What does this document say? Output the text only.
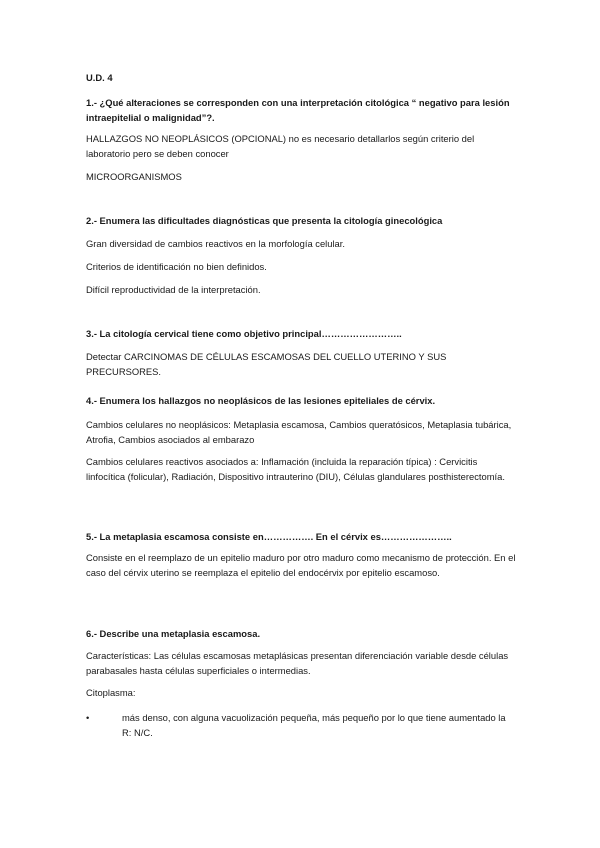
U.D. 4
1.- ¿Qué alteraciones se corresponden con una interpretación citológica “ negativo para lesión intraepitelial o malignidad”?.
HALLAZGOS NO NEOPLÁSICOS (OPCIONAL) no es necesario detallarlos según criterio del laboratorio pero se deben conocer
MICROORGANISMOS
2.- Enumera las dificultades diagnósticas que presenta la citología ginecológica
Gran diversidad de cambios reactivos en la morfología celular.
Criterios de identificación no bien definidos.
Difícil reproductividad de la interpretación.
3.- La citología cervical tiene como objetivo principal……………………..
Detectar CARCINOMAS DE CÉLULAS ESCAMOSAS DEL CUELLO UTERINO Y SUS PRECURSORES.
4.- Enumera los hallazgos no neoplásicos de las lesiones epiteliales de cérvix.
Cambios celulares no neoplásicos: Metaplasia escamosa, Cambios queratósicos, Metaplasia tubárica, Atrofia, Cambios asociados al embarazo
Cambios celulares reactivos asociados a: Inflamación (incluida la reparación típica) : Cervicitis linfocítica (folicular), Radiación, Dispositivo intrauterino (DIU), Células glandulares posthisterectomía.
5.- La metaplasia escamosa consiste en……………. En el cérvix es…………………..
Consiste en el reemplazo de un epitelio maduro por otro maduro como mecanismo de protección. En el caso del cérvix uterino se reemplaza el epitelio del endocérvix por epitelio escamoso.
6.- Describe una metaplasia escamosa.
Características: Las células escamosas metaplásicas presentan diferenciación variable desde células parabasales hasta células superficiales o intermedias.
Citoplasma:
•	más denso, con alguna vacuolización pequeña, más pequeño por lo que tiene aumentado la R: N/C.
